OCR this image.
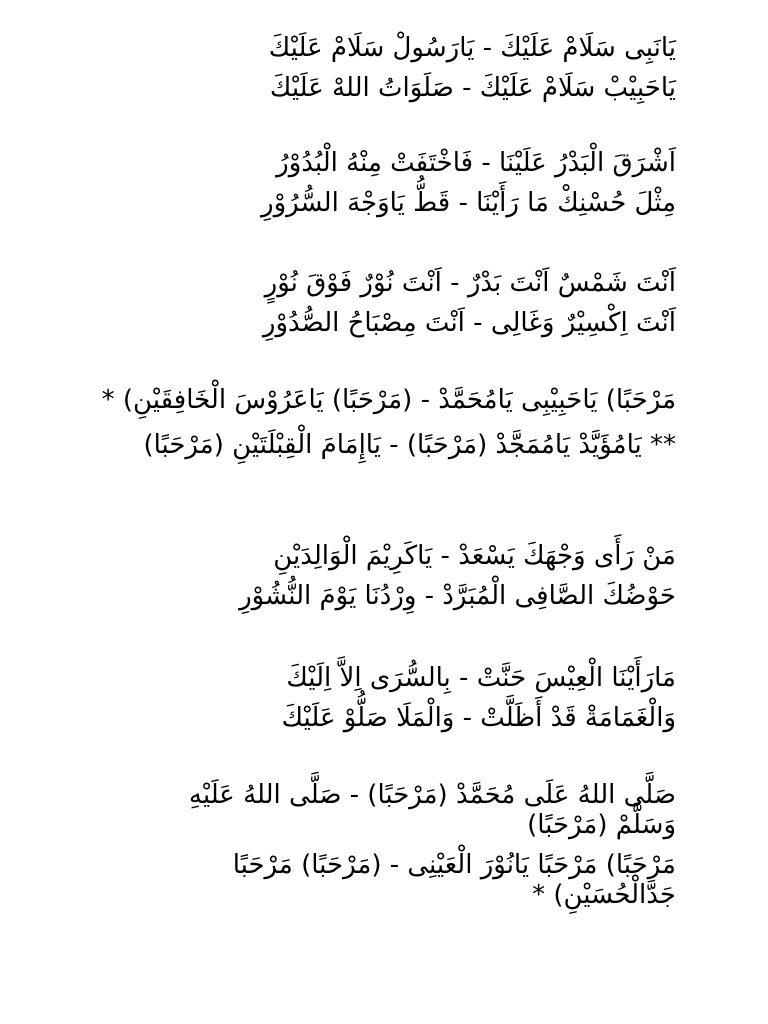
يَانَبِى سَلَامْ عَلَيْكَ - يَارَسُولْ سَلَامْ عَلَيْكَ
يَاحَبِيْبْ سَلَامْ عَلَيْكَ - صَلَوَاتُ اللهْ عَلَيْكَ
اَشْرَقَ الْبَدْرُ عَلَيْنَا - فَاخْتَفَتْ مِنْهُ الْبُدُوْرُ
مِثْلَ حُسْنِكْ مَا رَأَيْنَا - قَطُّ يَاوَجْهَ السُّرُوْرِ
اَنْتَ شَمْسٌ اَنْتَ بَدْرٌ - اَنْتَ نُوْرٌ فَوْقَ نُوْرٍ
اَنْتَ اِكْسِيْرٌ وَغَالِى - اَنْتَ مِصْبَاحُ الصُّدُوْرِ
مَرْحَبًا) يَاحَبِيْبِى يَامُحَمَّدْ - (مَرْحَبًا) يَاعَرُوْسَ الْخَافِقَيْنِ) *
** يَامُؤَيَّدْ يَامُمَجَّدْ (مَرْحَبًا) - يَاإِمَامَ الْقِبْلَتَيْنِ (مَرْحَبًا)
مَنْ رَأَى وَجْهَكَ يَسْعَدْ - يَاكَرِيْمَ الْوَالِدَيْنِ
حَوْضُكَ الصَّافِى الْمُبَرَّدْ - وِرْدُنَا يَوْمَ النُّشُوْرِ
مَارَأَيْنَا الْعِيْسَ حَنَّتْ - بِالسُّرَى اِلاَّ اِلَيْكَ
وَالْغَمَامَةْ قَدْ أَظَلَّتْ - وَالْمَلَا صَلُّوْ عَلَيْكَ
صَلَّى اللهُ عَلَى مُحَمَّدْ (مَرْحَبًا) - صَلَّى اللهُ عَلَيْهِ وَسَلَّمْ (مَرْحَبًا)
مَرْحَبًا) مَرْحَبًا يَانُوْرَ الْعَيْنِى - (مَرْحَبًا) مَرْحَبًا جَدَّالْحُسَيْنِ) *
